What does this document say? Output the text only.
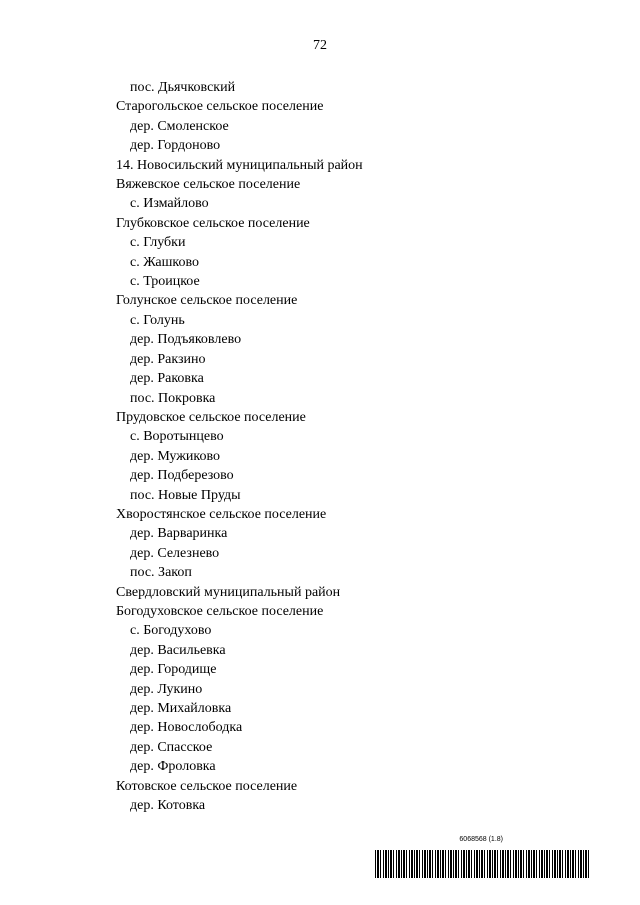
72
пос. Дьячковский
Старогольское сельское поселение
дер. Смоленское
дер. Гордоново
14. Новосильский муниципальный район
Вяжевское сельское поселение
с. Измайлово
Глубковское сельское поселение
с. Глубки
с. Жашково
с. Троицкое
Голунское сельское поселение
с. Голунь
дер. Подъяковлево
дер. Ракзино
дер. Раковка
пос. Покровка
Прудовское сельское поселение
с. Воротынцево
дер. Мужиково
дер. Подберезово
пос. Новые Пруды
Хворостянское сельское поселение
дер. Варваринка
дер. Селезнево
пос. Закоп
Свердловский муниципальный район
Богодуховское сельское поселение
с. Богодухово
дер. Васильевка
дер. Городище
дер. Лукино
дер. Михайловка
дер. Новослободка
дер. Спасское
дер. Фроловка
Котовское сельское поселение
дер. Котовка
6068568 (1.8)
